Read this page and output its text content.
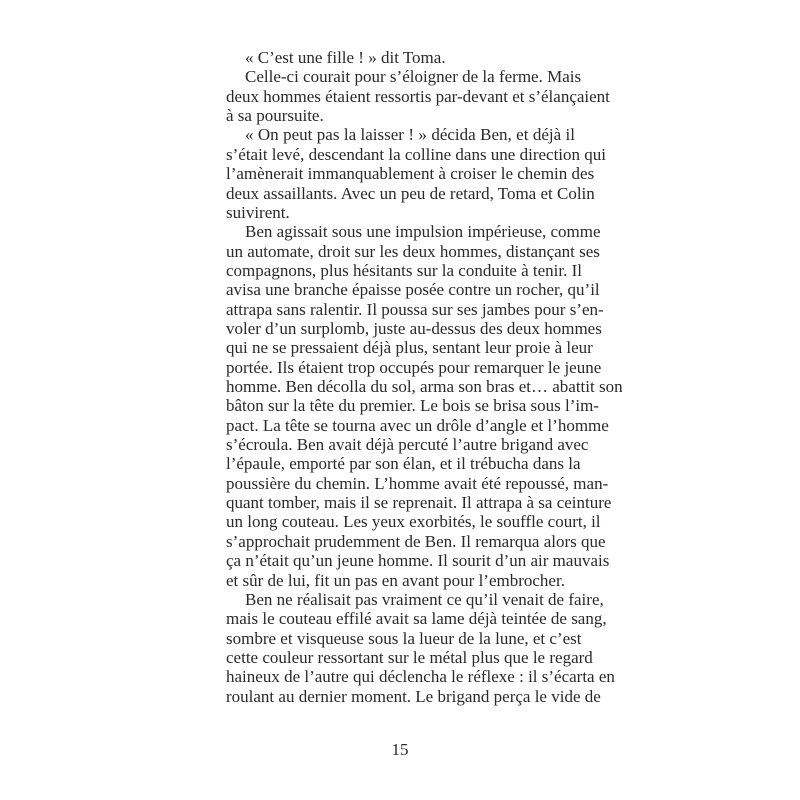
« C’est une fille ! » dit Toma.
Celle-ci courait pour s’éloigner de la ferme. Mais
deux hommes étaient ressortis par-devant et s’élançaient
à sa poursuite.
« On peut pas la laisser ! » décida Ben, et déjà il
s’était levé, descendant la colline dans une direction qui
l’amènerait immanquablement à croiser le chemin des
deux assaillants. Avec un peu de retard, Toma et Colin
suivirent.
Ben agissait sous une impulsion impérieuse, comme
un automate, droit sur les deux hommes, distançant ses
compagnons, plus hésitants sur la conduite à tenir. Il
avisa une branche épaisse posée contre un rocher, qu’il
attrapa sans ralentir. Il poussa sur ses jambes pour s’en-
voler d’un surplomb, juste au-dessus des deux hommes
qui ne se pressaient déjà plus, sentant leur proie à leur
portée. Ils étaient trop occupés pour remarquer le jeune
homme. Ben décolla du sol, arma son bras et… abattit son
bâton sur la tête du premier. Le bois se brisa sous l’im-
pact. La tête se tourna avec un drôle d’angle et l’homme
s’écroula. Ben avait déjà percuté l’autre brigand avec
l’épaule, emporté par son élan, et il trébucha dans la
poussière du chemin. L’homme avait été repoussé, man-
quant tomber, mais il se reprenait. Il attrapa à sa ceinture
un long couteau. Les yeux exorbités, le souffle court, il
s’approchait prudemment de Ben. Il remarqua alors que
ça n’était qu’un jeune homme. Il sourit d’un air mauvais
et sûr de lui, fit un pas en avant pour l’embrocher.
Ben ne réalisait pas vraiment ce qu’il venait de faire,
mais le couteau effilé avait sa lame déjà teintée de sang,
sombre et visqueuse sous la lueur de la lune, et c’est
cette couleur ressortant sur le métal plus que le regard
haineux de l’autre qui déclencha le réflexe : il s’écarta en
roulant au dernier moment. Le brigand perça le vide de
15
